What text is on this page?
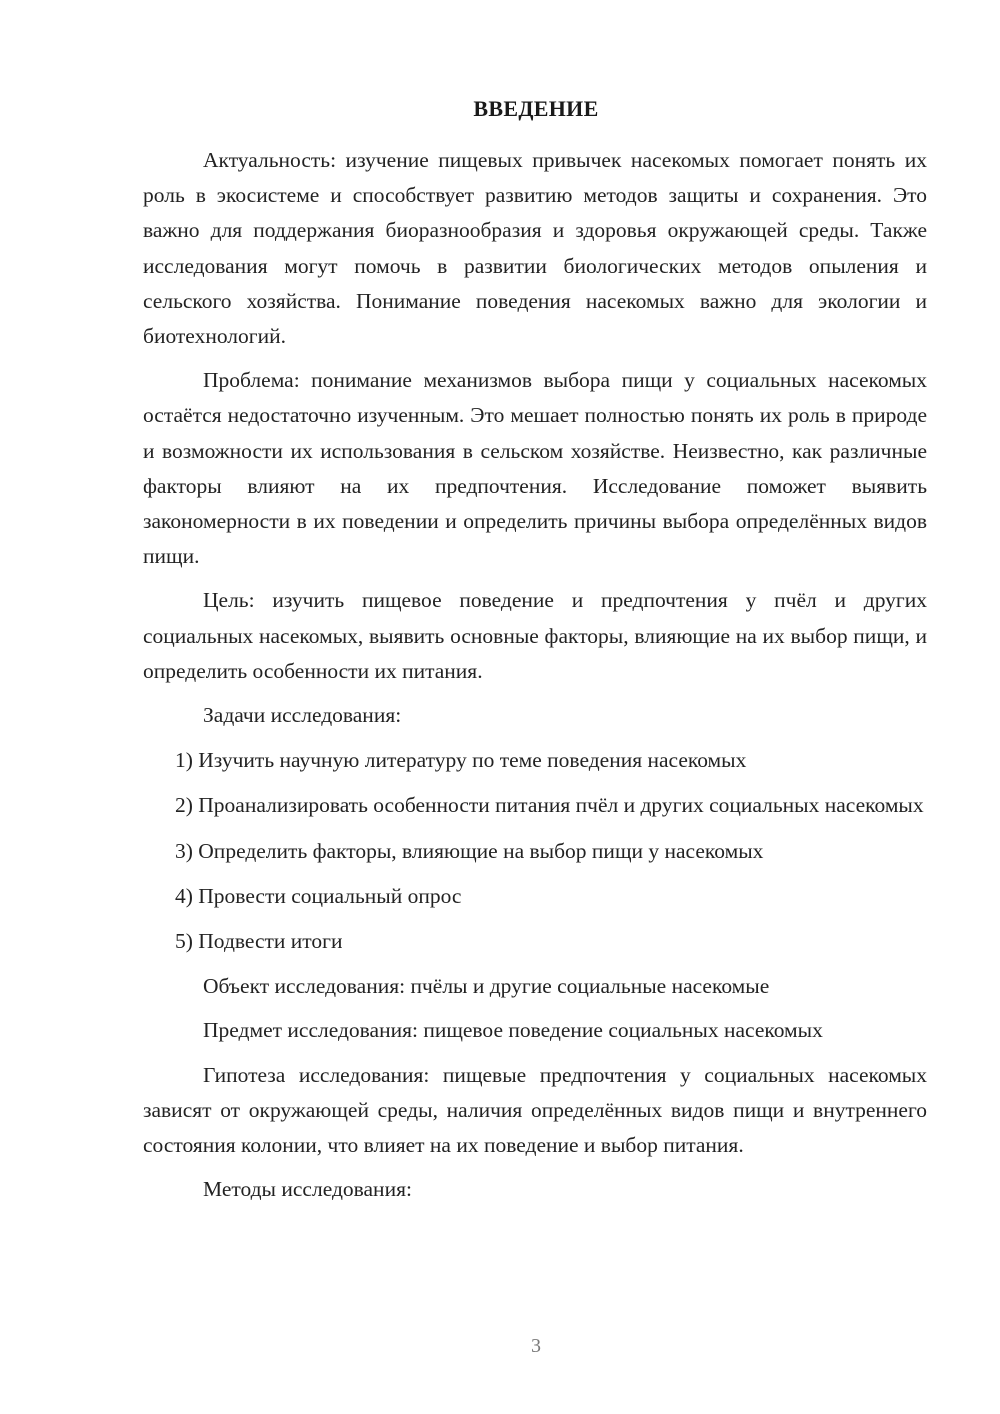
ВВЕДЕНИЕ

Актуальность: изучение пищевых привычек насекомых помогает понять их роль в экосистеме и способствует развитию методов защиты и сохранения. Это важно для поддержания биоразнообразия и здоровья окружающей среды. Также исследования могут помочь в развитии биологических методов опыления и сельского хозяйства. Понимание поведения насекомых важно для экологии и биотехнологий.

Проблема: понимание механизмов выбора пищи у социальных насекомых остаётся недостаточно изученным. Это мешает полностью понять их роль в природе и возможности их использования в сельском хозяйстве. Неизвестно, как различные факторы влияют на их предпочтения. Исследование поможет выявить закономерности в их поведении и определить причины выбора определённых видов пищи.

Цель: изучить пищевое поведение и предпочтения у пчёл и других социальных насекомых, выявить основные факторы, влияющие на их выбор пищи, и определить особенности их питания.

Задачи исследования:

1) Изучить научную литературу по теме поведения насекомых

2) Проанализировать особенности питания пчёл и других социальных насекомых

3) Определить факторы, влияющие на выбор пищи у насекомых

4) Провести социальный опрос

5) Подвести итоги

Объект исследования: пчёлы и другие социальные насекомые

Предмет исследования: пищевое поведение социальных насекомых

Гипотеза исследования: пищевые предпочтения у социальных насекомых зависят от окружающей среды, наличия определённых видов пищи и внутреннего состояния колонии, что влияет на их поведение и выбор питания.

Методы исследования:

3
